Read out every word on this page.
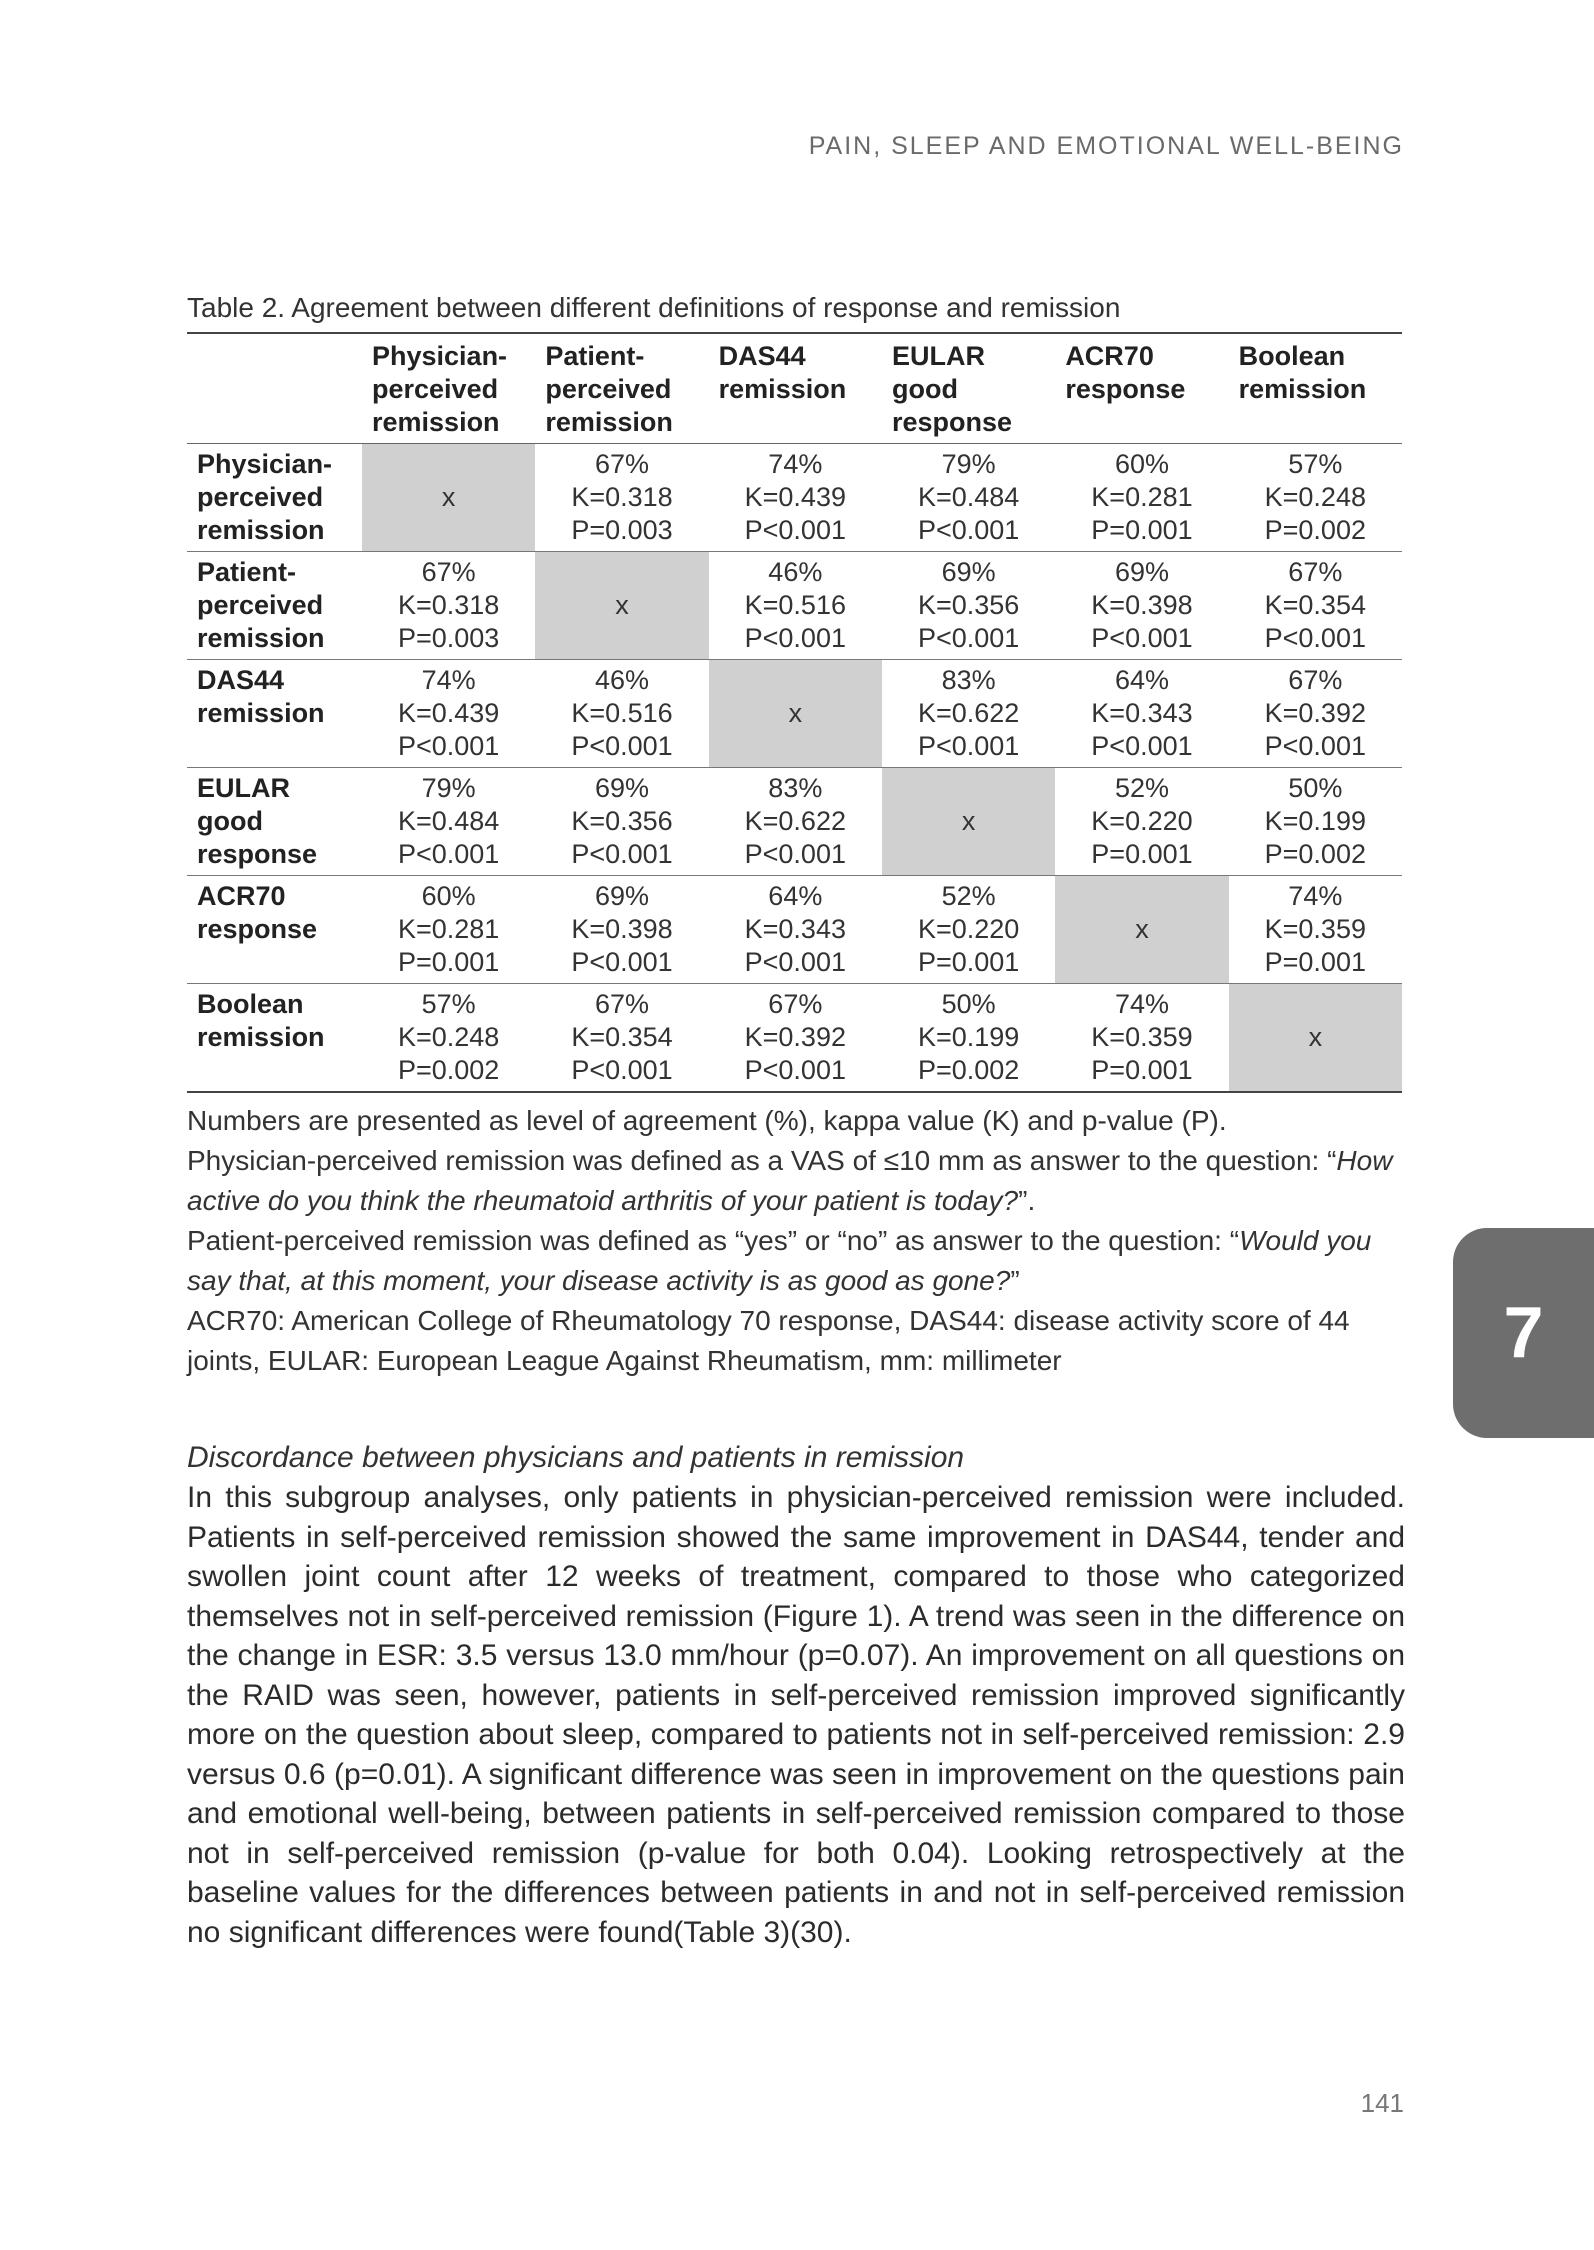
PAIN, SLEEP AND EMOTIONAL WELL-BEING

Table 2. Agreement between different definitions of response and remission

	Physician-
perceived
remission	Patient-
perceived
remission	DAS44
remission	EULAR good
response	ACR70
response	Boolean
remission

Physician-
perceived
remission	x	67%
K=0.318
P=0.003	74%
K=0.439
P<0.001	79%
K=0.484
P<0.001	60%
K=0.281
P=0.001	57%
K=0.248
P=0.002

Patient-
perceived
remission	67%
K=0.318
P=0.003	x	46%
K=0.516
P<0.001	69%
K=0.356
P<0.001	69%
K=0.398
P<0.001	67%
K=0.354
P<0.001

DAS44
remission	74%
K=0.439
P<0.001	46%
K=0.516
P<0.001	x	83%
K=0.622
P<0.001	64%
K=0.343
P<0.001	67%
K=0.392
P<0.001

EULAR good
response	79%
K=0.484
P<0.001	69%
K=0.356
P<0.001	83%
K=0.622
P<0.001	x	52%
K=0.220
P=0.001	50%
K=0.199
P=0.002

ACR70
response	60%
K=0.281
P=0.001	69%
K=0.398
P<0.001	64%
K=0.343
P<0.001	52%
K=0.220
P=0.001	x	74%
K=0.359
P=0.001

Boolean
remission	57%
K=0.248
P=0.002	67%
K=0.354
P<0.001	67%
K=0.392
P<0.001	50%
K=0.199
P=0.002	74%
K=0.359
P=0.001	x

Numbers are presented as level of agreement (%), kappa value (K) and p-value (P).

Physician-perceived remission was defined as a VAS of ≤10 mm as answer to the question: “How active do you think the rheumatoid arthritis of your patient is today?”.

Patient-perceived remission was defined as “yes” or “no” as answer to the question: “Would you say that, at this moment, your disease activity is as good as gone?”

ACR70: American College of Rheumatology 70 response, DAS44: disease activity score of 44 joints, EULAR: European League Against Rheumatism, mm: millimeter	7

Discordance between physicians and patients in remission

In this subgroup analyses, only patients in physician-perceived remission were included. Patients in self-perceived remission showed the same improvement in DAS44, tender and swollen joint count after 12 weeks of treatment, compared to those who categorized themselves not in self-perceived remission (Figure 1). A trend was seen in the difference on the change in ESR: 3.5 versus 13.0 mm/hour (p=0.07). An improvement on all questions on the RAID was seen, however, patients in self-perceived remission improved significantly more on the question about sleep, compared to patients not in self-perceived remission: 2.9 versus 0.6 (p=0.01). A significant difference was seen in improvement on the questions pain and emotional well-being, between patients in self-perceived remission compared to those not in self-perceived remission (p-value for both 0.04). Looking retrospectively at the baseline values for the differences between patients in and not in self-perceived remission no significant differences were found(Table 3)(30).

141
